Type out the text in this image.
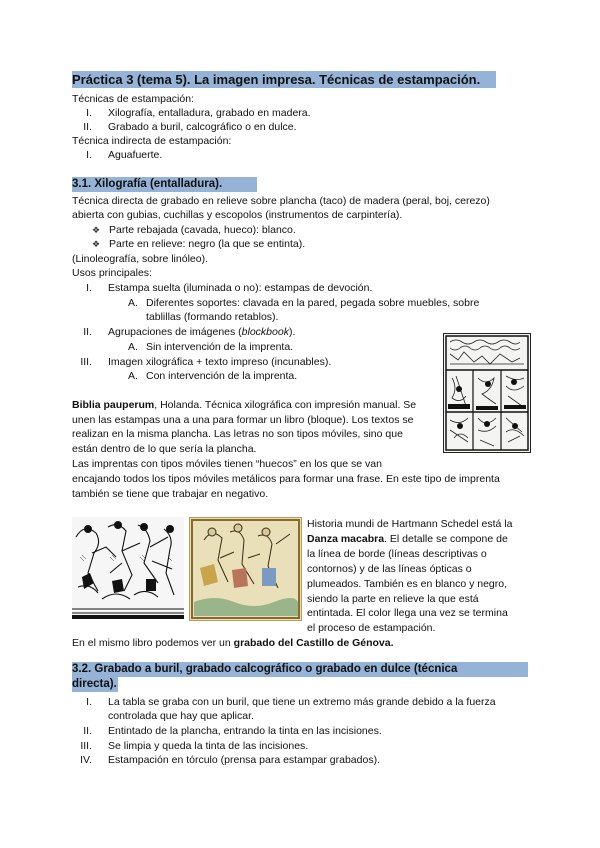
Práctica 3 (tema 5). La imagen impresa. Técnicas de estampación.
Técnicas de estampación:
I. Xilografía, entalladura, grabado en madera.
II. Grabado a buril, calcográfico o en dulce.
Técnica indirecta de estampación:
I. Aguafuerte.
3.1. Xilografía (entalladura).
Técnica directa de grabado en relieve sobre plancha (taco) de madera (peral, boj, cerezo)
abierta con gubias, cuchillas y escopolos (instrumentos de carpintería).
❖ Parte rebajada (cavada, hueco): blanco.
❖ Parte en relieve: negro (la que se entinta).
(Linoleografía, sobre linóleo).
Usos principales:
I. Estampa suelta (iluminada o no): estampas de devoción.
A. Diferentes soportes: clavada en la pared, pegada sobre muebles, sobre
tablillas (formando retablos).
II. Agrupaciones de imágenes (blockbook).
A. Sin intervención de la imprenta.
III. Imagen xilográfica + texto impreso (incunables).
A. Con intervención de la imprenta.
Biblia pauperum, Holanda. Técnica xilográfica con impresión manual. Se
unen las estampas una a una para formar un libro (bloque). Los textos se
realizan en la misma plancha. Las letras no son tipos móviles, sino que
están dentro de lo que sería la plancha.
Las imprentas con tipos móviles tienen “huecos” en los que se van
encajando todos los tipos móviles metálicos para formar una frase. En este tipo de imprenta
también se tiene que trabajar en negativo.
Historia mundi de Hartmann Schedel está la
Danza macabra. El detalle se compone de
la línea de borde (líneas descriptivas o
contornos) y de las líneas ópticas o
plumeados. También es en blanco y negro,
siendo la parte en relieve la que está
entintada. El color llega una vez se termina
el proceso de estampación.
En el mismo libro podemos ver un grabado del Castillo de Génova.
3.2. Grabado a buril, grabado calcográfico o grabado en dulce (técnica
directa).
I. La tabla se graba con un buril, que tiene un extremo más grande debido a la fuerza
controlada que hay que aplicar.
II. Entintado de la plancha, entrando la tinta en las incisiones.
III. Se limpia y queda la tinta de las incisiones.
IV. Estampación en tórculo (prensa para estampar grabados).
